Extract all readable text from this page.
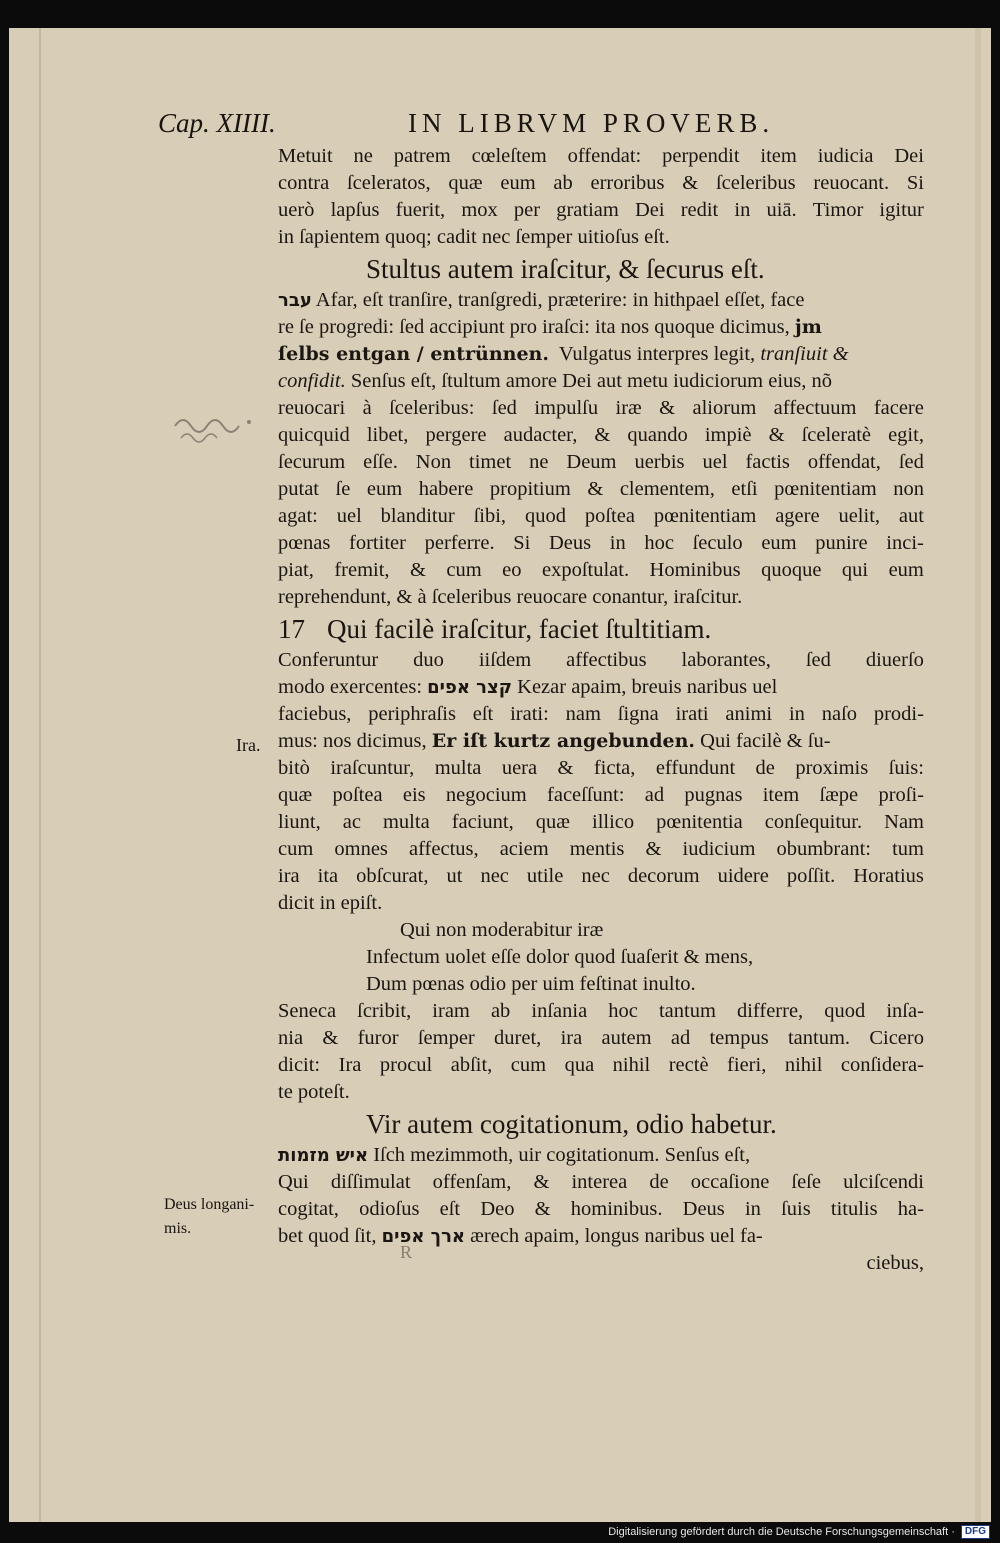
Cap. XIIII.	IN LIBRVM PROVERB.
Metuit ne patrem cœleſtem offendat: perpendit item iudicia Dei
contra ſceleratos, quæ eum ab erroribus & ſceleribus reuocant. Si
uerò lapſus fuerit, mox per gratiam Dei redit in uiā. Timor igitur
in ſapientem quoq; cadit nec ſemper uitioſus eſt.
Stultus autem iraſcitur, & ſecurus eſt.
עבר Afar, eſt tranſire, tranſgredi, præterire: in hithpael eſſet, face
re ſe progredi: ſed accipiunt pro iraſci: ita nos quoque dicimus, jm
ſelbs entgan / entrünnen. Vulgatus interpres legit, tranſiuit &
confidit. Senſus eſt, ſtultum amore Dei aut metu iudiciorum eius, nõ
reuocari à ſceleribus: ſed impulſu iræ & aliorum affectuum facere
quicquid libet, pergere audacter, & quando impiè & ſceleratè egit,
ſecurum eſſe. Non timet ne Deum uerbis uel factis offendat, ſed
putat ſe eum habere propitium & clementem, etſi pœnitentiam non
agat: uel blanditur ſibi, quod poſtea pœnitentiam agere uelit, aut
pœnas fortiter perferre. Si Deus in hoc ſeculo eum punire inci-
piat, fremit, & cum eo expoſtulat. Hominibus quoque qui eum
reprehendunt, & à ſceleribus reuocare conantur, iraſcitur.
17 Qui facilè iraſcitur, faciet ſtultitiam.
Conferuntur duo iiſdem affectibus laborantes, ſed diuerſo
modo exercentes: קצר אפים Kezar apaim, breuis naribus uel
faciebus, periphraſis eſt irati: nam ſigna irati animi in naſo prodi-
mus: nos dicimus, Er iſt kurtz angebunden. Qui facilè & ſu-
bitò iraſcuntur, multa uera & ficta, effundunt de proximis ſuis:
quæ poſtea eis negocium faceſſunt: ad pugnas item ſæpe proſi-
liunt, ac multa faciunt, quæ illico pœnitentia conſequitur. Nam
cum omnes affectus, aciem mentis & iudicium obumbrant: tum
ira ita obſcurat, ut nec utile nec decorum uidere poſſit. Horatius
dicit in epiſt.
Qui non moderabitur iræ
Infectum uolet eſſe dolor quod ſuaſerit & mens,
Dum pœnas odio per uim feſtinat inulto.
Seneca ſcribit, iram ab inſania hoc tantum differre, quod inſa-
nia & furor ſemper duret, ira autem ad tempus tantum. Cicero
dicit: Ira procul abſit, cum qua nihil rectè fieri, nihil conſidera-
te poteſt.
Vir autem cogitationum, odio habetur.
איש מזמות Iſch mezimmoth, uir cogitationum. Senſus eſt,
Qui diſſimulat offenſam, & interea de occaſione ſeſe ulciſcendi
cogitat, odioſus eſt Deo & hominibus. Deus in ſuis titulis ha-
bet quod ſit, ארך אפים ærech apaim, longus naribus uel fa-
ciebus,
Ira.
Deus longani-
mis.
R
Digitalisierung gefördert durch die Deutsche Forschungsgemeinschaft ·	DFG
